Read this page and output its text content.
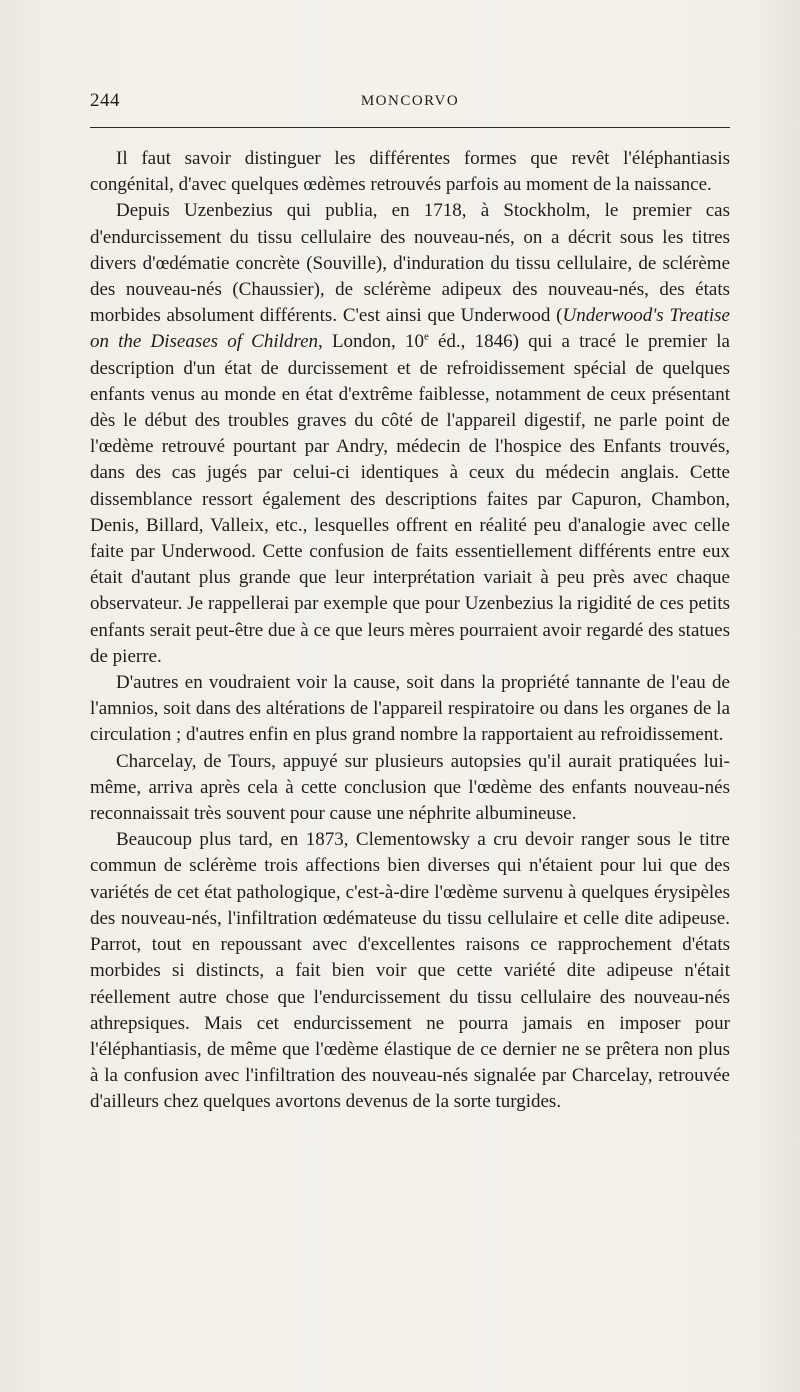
244	MONCORVO

Il faut savoir distinguer les différentes formes que revêt l'éléphantiasis congénital, d'avec quelques œdèmes retrouvés parfois au moment de la naissance.

Depuis Uzenbezius qui publia, en 1718, à Stockholm, le premier cas d'endurcissement du tissu cellulaire des nouveau-nés, on a décrit sous les titres divers d'œdématie concrète (Souville), d'induration du tissu cellulaire, de sclérème des nouveau-nés (Chaussier), de sclérème adipeux des nouveau-nés, des états morbides absolument différents. C'est ainsi que Underwood (Underwood's Treatise on the Diseases of Children, London, 10e éd., 1846) qui a tracé le premier la description d'un état de durcissement et de refroidissement spécial de quelques enfants venus au monde en état d'extrême faiblesse, notamment de ceux présentant dès le début des troubles graves du côté de l'appareil digestif, ne parle point de l'œdème retrouvé pourtant par Andry, médecin de l'hospice des Enfants trouvés, dans des cas jugés par celui-ci identiques à ceux du médecin anglais. Cette dissemblance ressort également des descriptions faites par Capuron, Chambon, Denis, Billard, Valleix, etc., lesquelles offrent en réalité peu d'analogie avec celle faite par Underwood. Cette confusion de faits essentiellement différents entre eux était d'autant plus grande que leur interprétation variait à peu près avec chaque observateur. Je rappellerai par exemple que pour Uzenbezius la rigidité de ces petits enfants serait peut-être due à ce que leurs mères pourraient avoir regardé des statues de pierre.

D'autres en voudraient voir la cause, soit dans la propriété tannante de l'eau de l'amnios, soit dans des altérations de l'appareil respiratoire ou dans les organes de la circulation ; d'autres enfin en plus grand nombre la rapportaient au refroidissement.

Charcelay, de Tours, appuyé sur plusieurs autopsies qu'il aurait pratiquées lui-même, arriva après cela à cette conclusion que l'œdème des enfants nouveau-nés reconnaissait très souvent pour cause une néphrite albumineuse.

Beaucoup plus tard, en 1873, Clementowsky a cru devoir ranger sous le titre commun de sclérème trois affections bien diverses qui n'étaient pour lui que des variétés de cet état pathologique, c'est-à-dire l'œdème survenu à quelques érysipèles des nouveau-nés, l'infiltration œdémateuse du tissu cellulaire et celle dite adipeuse. Parrot, tout en repoussant avec d'excellentes raisons ce rapprochement d'états morbides si distincts, a fait bien voir que cette variété dite adipeuse n'était réellement autre chose que l'endurcissement du tissu cellulaire des nouveau-nés athrepsiques. Mais cet endurcissement ne pourra jamais en imposer pour l'éléphantiasis, de même que l'œdème élastique de ce dernier ne se prêtera non plus à la confusion avec l'infiltration des nouveau-nés signalée par Charcelay, retrouvée d'ailleurs chez quelques avortons devenus de la sorte turgides.
